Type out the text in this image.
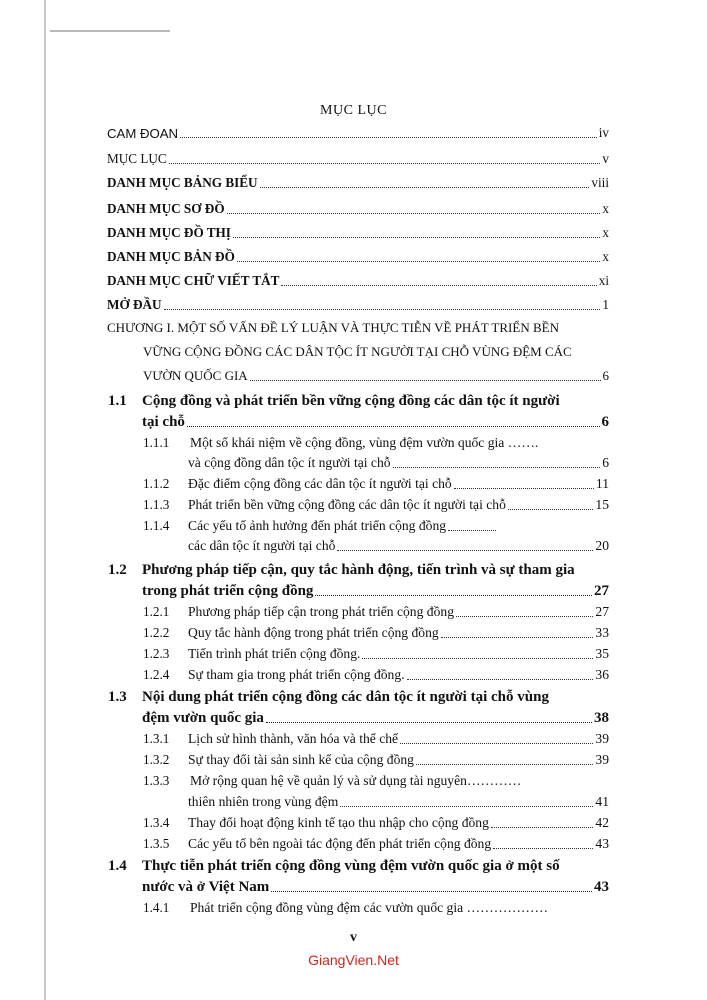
MỤC LỤC
CAM ĐOAN	iv
MỤC LỤC	v
DANH MỤC BẢNG BIỂU	viii
DANH MỤC SƠ ĐỒ	x
DANH MỤC ĐỒ THỊ	x
DANH MỤC BẢN ĐỒ	x
DANH MỤC CHỮ VIẾT TẮT	xi
MỞ ĐẦU	1
CHƯƠNG I. MỘT SỐ VẤN ĐỀ LÝ LUẬN VÀ THỰC TIỄN VỀ PHÁT TRIỂN BỀN
VỮNG CỘNG ĐỒNG CÁC DÂN TỘC ÍT NGƯỜI TẠI CHỖ VÙNG ĐỆM CÁC
VƯỜN QUỐC GIA	6
1.1 Cộng đồng và phát triển bền vững cộng đồng các dân tộc ít người
tại chỗ	6
1.1.1 Một số khái niệm về cộng đồng, vùng đệm vườn quốc gia …….
và cộng đồng dân tộc ít người tại chỗ	6
1.1.2 Đặc điểm cộng đồng các dân tộc ít người tại chỗ	11
1.1.3 Phát triển bền vững cộng đồng các dân tộc ít người tại chỗ	15
1.1.4 Các yếu tố ảnh hưởng đến phát triển cộng đồng
các dân tộc ít người tại chỗ	20
1.2 Phương pháp tiếp cận, quy tắc hành động, tiến trình và sự tham gia
trong phát triển cộng đồng	27
1.2.1 Phương pháp tiếp cận trong phát triển cộng đồng	27
1.2.2 Quy tắc hành động trong phát triển cộng đồng	33
1.2.3 Tiến trình phát triển cộng đồng.	35
1.2.4 Sự tham gia trong phát triển cộng đồng.	36
1.3 Nội dung phát triển cộng đồng các dân tộc ít người tại chỗ vùng
đệm vườn quốc gia	38
1.3.1 Lịch sử hình thành, văn hóa và thể chế	39
1.3.2 Sự thay đổi tài sản sinh kế của cộng đồng	39
1.3.3 Mở rộng quan hệ về quản lý và sử dụng tài nguyên…………
thiên nhiên trong vùng đệm	41
1.3.4 Thay đổi hoạt động kinh tế tạo thu nhập cho cộng đồng	42
1.3.5 Các yếu tố bên ngoài tác động đến phát triển cộng đồng	43
1.4 Thực tiễn phát triển cộng đồng vùng đệm vườn quốc gia ở một số
nước và ở Việt Nam	43
1.4.1 Phát triển cộng đồng vùng đệm các vườn quốc gia ………………
v
GiangVien.Net
